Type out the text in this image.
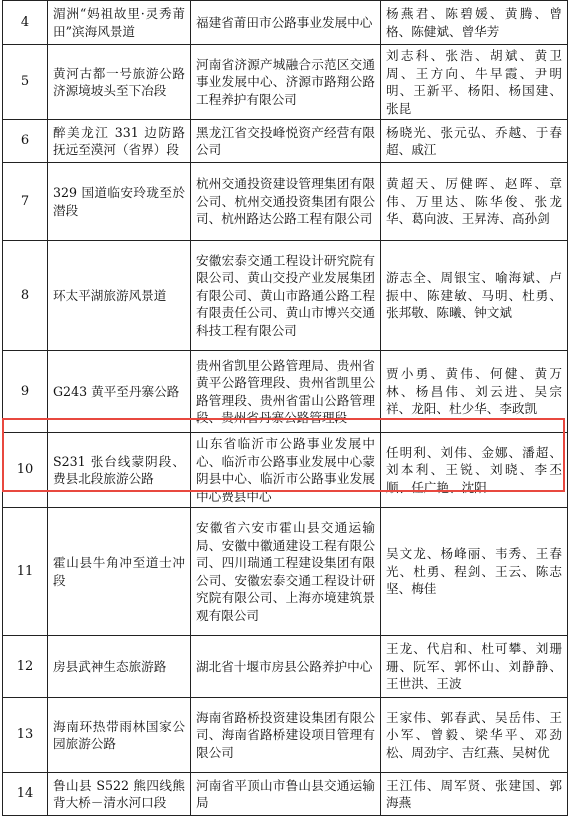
4	湄洲“妈祖故里·灵秀莆田”滨海风景道	福建省莆田市公路事业发展中心	杨燕君、陈碧媛、黄腾、曾格、陈健斌、曾华芳
5	黄河古都一号旅游公路济源境坡头至下冶段	河南省济源产城融合示范区交通事业发展中心、济源市路翔公路工程养护有限公司	刘志科、张浩、胡斌、黄卫周、王方向、牛早霞、尹明明、王新平、杨阳、杨国建、张昆
6	醉美龙江 331 边防路抚远至漠河（省界）段	黑龙江省交投峰悦资产经营有限公司	杨晓光、张元弘、乔越、于春超、戚江
7	329 国道临安玲珑至於潜段	杭州交通投资建设管理集团有限公司、杭州交通投资集团有限公司、杭州路达公路工程有限公司	黄超天、厉健晖、赵晖、章伟、万里达、陈华俊、张龙华、葛向波、王昇涛、高孙剑
8	环太平湖旅游风景道	安徽宏泰交通工程设计研究院有限公司、黄山交投产业发展集团有限公司、黄山市路通公路工程有限责任公司、黄山市博兴交通科技工程有限公司	游志全、周银宝、喻海斌、卢振中、陈建敏、马明、杜勇、张邦敬、陈曦、钟文斌
9	G243 黄平至丹寨公路	贵州省凯里公路管理局、贵州省黄平公路管理段、贵州省凯里公路管理段、贵州省雷山公路管理段、贵州省丹寨公路管理段	贾小勇、黄伟、何健、黄万林、杨昌伟、刘云进、吴宗祥、龙阳、杜少华、李政凯
10	S231 张台线蒙阴段、费县北段旅游公路	山东省临沂市公路事业发展中心、临沂市公路事业发展中心蒙阴县中心、临沂市公路事业发展中心费县中心	任明利、刘伟、金娜、潘超、刘本利、王锐、刘晓、李丕顺、任广艳、沈阳
11	霍山县牛角冲至道士冲段	安徽省六安市霍山县交通运输局、安徽中徽通建设工程有限公司、四川瑞通工程建设集团有限公司、安徽宏泰交通工程设计研究院有限公司、上海亦境建筑景观有限公司	吴文龙、杨峰丽、韦秀、王春光、杜勇、程剑、王云、陈志坚、梅佳
12	房县武神生态旅游路	湖北省十堰市房县公路养护中心	王龙、代启和、杜可攀、刘珊珊、阮军、郭怀山、刘静静、王世洪、王波
13	海南环热带雨林国家公园旅游公路	海南省路桥投资建设集团有限公司、海南省路桥建设项目管理有限公司	王家伟、郭春武、吴岳伟、王小军、曾毅、梁华平、邓劲松、周劲宇、吉红燕、吴树优
14	鲁山县 S522 熊四线熊背大桥－清水河口段	河南省平顶山市鲁山县交通运输局	王江伟、周军贤、张建国、郭海燕
